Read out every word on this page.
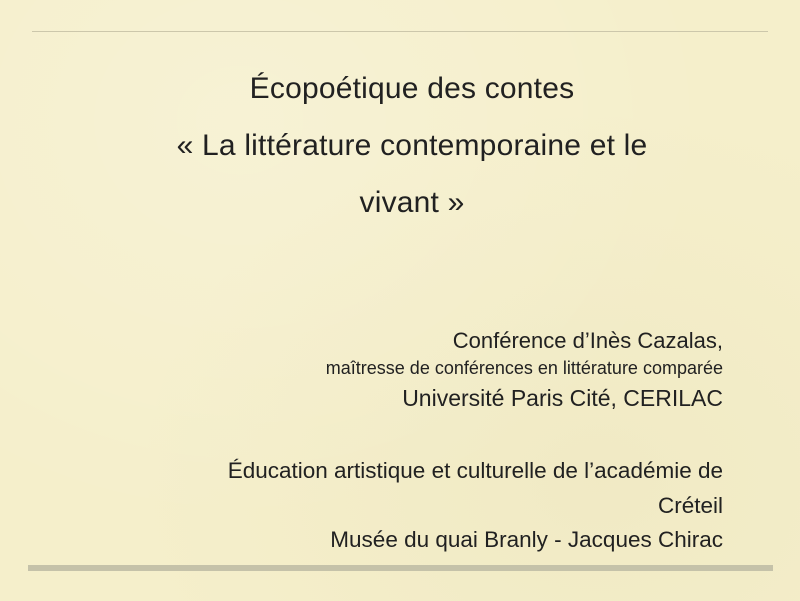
Écopoétique des contes
« La littérature contemporaine et le
vivant »
Conférence d’Inès Cazalas,
maîtresse de conférences en littérature comparée
Université Paris Cité, CERILAC
Éducation artistique et culturelle de l’académie de
Créteil
Musée du quai Branly - Jacques Chirac
